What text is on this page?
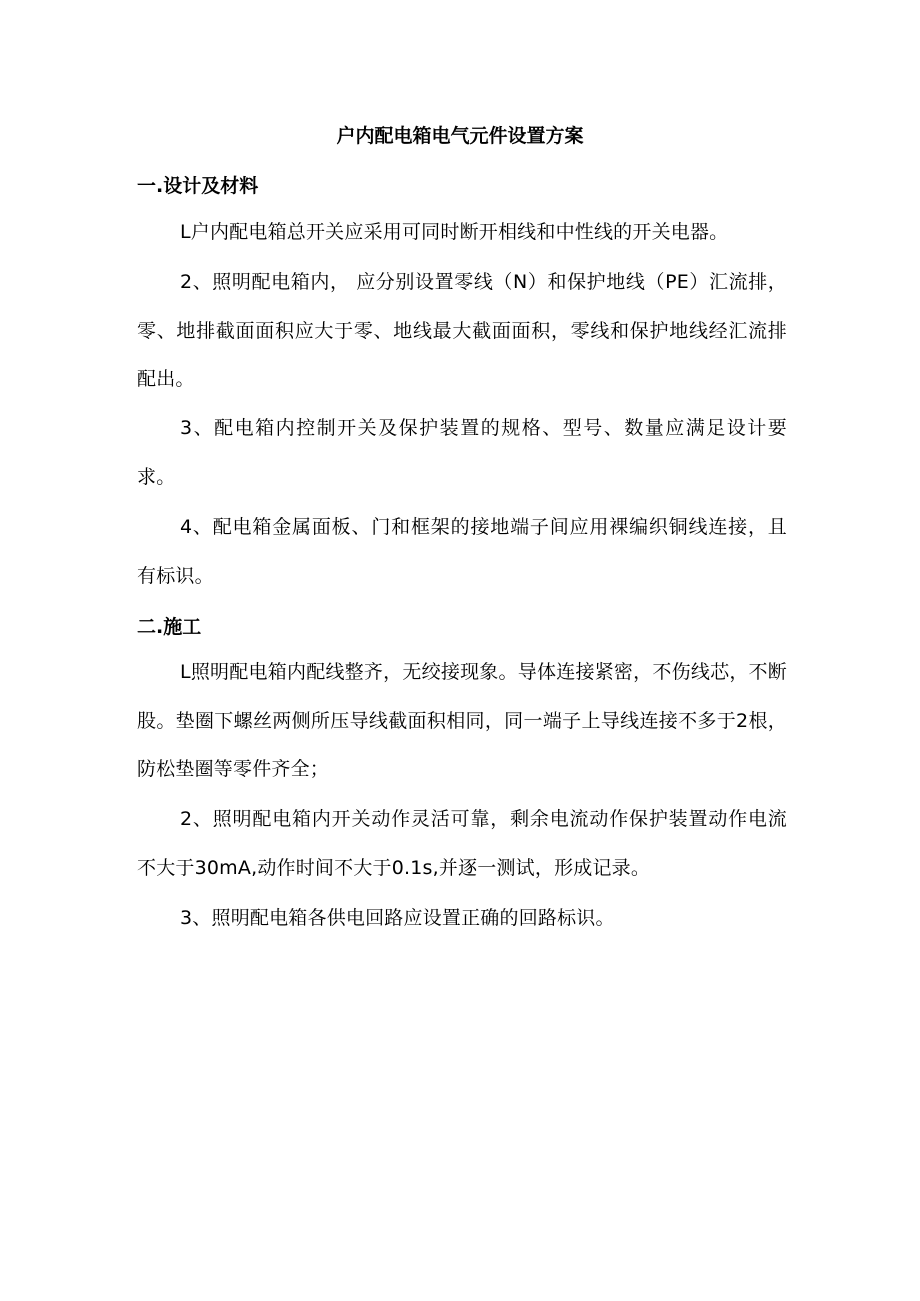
户内配电箱电气元件设置方案
一.设计及材料

L户内配电箱总开关应采用可同时断开相线和中性线的开关电器。

2、照明配电箱内， 应分别设置零线（N）和保护地线（PE）汇流排，零、地排截面面积应大于零、地线最大截面面积，零线和保护地线经汇流排配出。

3、配电箱内控制开关及保护装置的规格、型号、数量应满足设计要求。

4、配电箱金属面板、门和框架的接地端子间应用裸编织铜线连接，且有标识。

二.施工

L照明配电箱内配线整齐，无绞接现象。导体连接紧密，不伤线芯，不断股。垫圈下螺丝两侧所压导线截面积相同，同一端子上导线连接不多于2根，防松垫圈等零件齐全；

2、照明配电箱内开关动作灵活可靠，剩余电流动作保护装置动作电流不大于30mA,动作时间不大于0.1s,并逐一测试，形成记录。

3、照明配电箱各供电回路应设置正确的回路标识。
